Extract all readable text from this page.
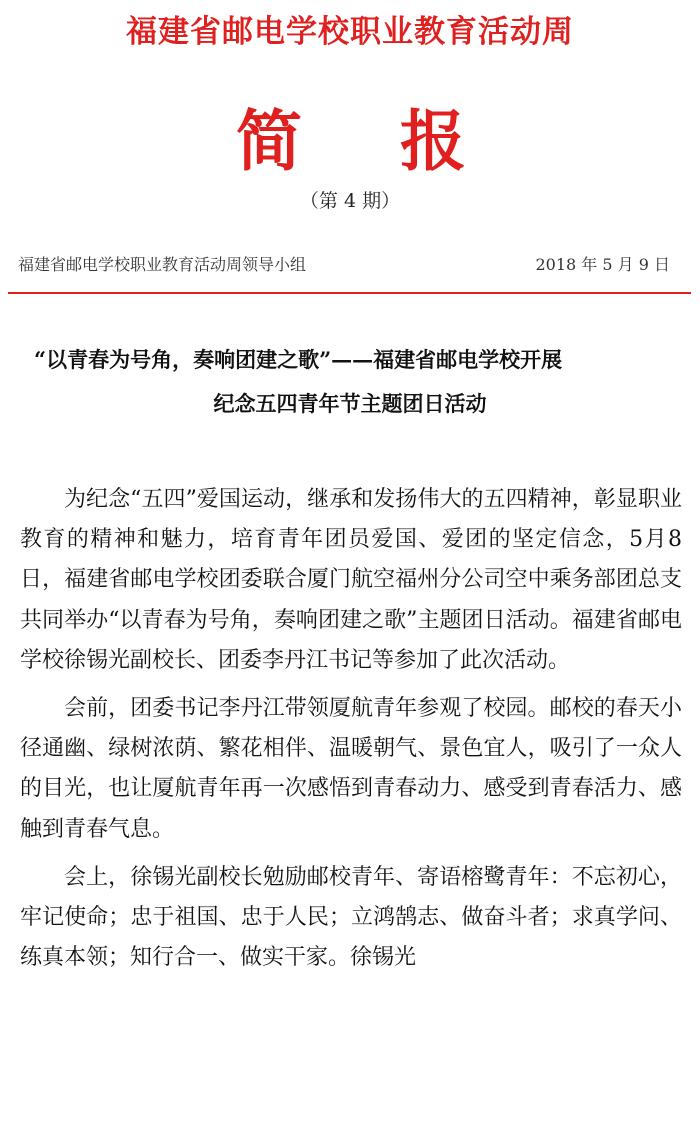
福建省邮电学校职业教育活动周
简 报
（第 4 期）
福建省邮电学校职业教育活动周领导小组	2018 年 5 月 9 日
“以青春为号角，奏响团建之歌”——福建省邮电学校开展
纪念五四青年节主题团日活动

为纪念“五四”爱国运动，继承和发扬伟大的五四精神，彰显职业教育的精神和魅力，培育青年团员爱国、爱团的坚定信念，5月8日，福建省邮电学校团委联合厦门航空福州分公司空中乘务部团总支共同举办“以青春为号角，奏响团建之歌”主题团日活动。福建省邮电学校徐锡光副校长、团委李丹江书记等参加了此次活动。

会前，团委书记李丹江带领厦航青年参观了校园。邮校的春天小径通幽、绿树浓荫、繁花相伴、温暖朝气、景色宜人，吸引了一众人的目光，也让厦航青年再一次感悟到青春动力、感受到青春活力、感触到青春气息。

会上，徐锡光副校长勉励邮校青年、寄语榕鹭青年：不忘初心，牢记使命；忠于祖国、忠于人民；立鸿鹄志、做奋斗者；求真学问、练真本领；知行合一、做实干家。徐锡光
